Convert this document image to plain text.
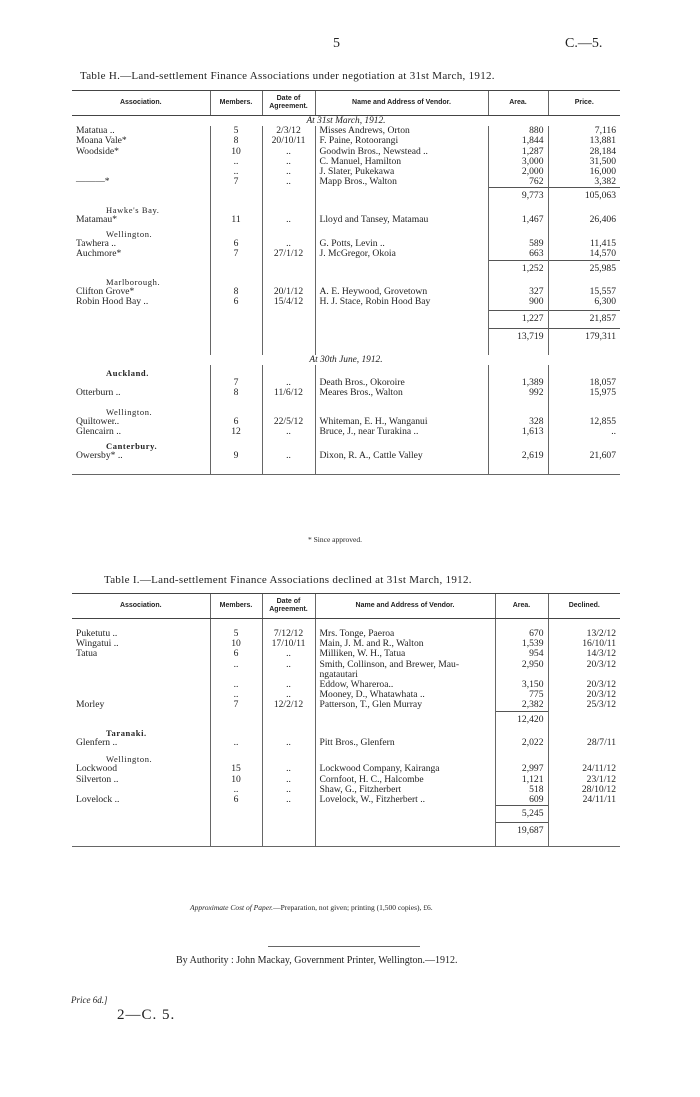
5	C.—5.
Table H.—Land-settlement Finance Associations under negotiation at 31st March, 1912.
Association.	Members.	Date of Agreement.	Name and Address of Vendor.	Area.	Price.
At 31st March, 1912.					
Matatua ..	5	2/3/12	Misses Andrews, Orton	880	7,116
Moana Vale*	8	20/10/11	F. Paine, Rotoorangi	1,844	13,881
Woodside*	10	..	Goodwin Bros., Newstead ..	1,287	28,184
	..	..	C. Manuel, Hamilton	3,000	31,500
	..	..	J. Slater, Pukekawa	2,000	16,000
———*	7	..	Mapp Bros., Walton	762	3,382
				9,773	105,063
Hawke's Bay.					
Matamau*	11	..	Lloyd and Tansey, Matamau	1,467	26,406

Wellington.					
Tawhera ..	6	..	G. Potts, Levin ..	589	11,415
Auchmore*	7	27/1/12	J. McGregor, Okoia	663	14,570
				1,252	25,985
Marlborough.					
Clifton Grove*	8	20/1/12	A. E. Heywood, Grovetown	327	15,557
Robin Hood Bay ..	6	15/4/12	H. J. Stace, Robin Hood Bay	900	6,300

				1,227	21,857
				13,719	179,311

At 30th June, 1912.					

Auckland.					
	7	..	Death Bros., Okoroire	1,389	18,057
Otterburn ..	8	11/6/12	Meares Bros., Walton	992	15,975

Wellington.					
Quiltower..	6	22/5/12	Whiteman, E. H., Wanganui	328	12,855
Glencairn ..	12	..	Bruce, J., near Turakina ..	1,613	..

Canterbury.					
Owersby* ..	9	..	Dixon, R. A., Cattle Valley	2,619	21,607

* Since approved.
Table I.—Land-settlement Finance Associations declined at 31st March, 1912.
Association.	Members.	Date of Agreement.	Name and Address of Vendor.	Area.	Declined.

Puketutu ..	5	7/12/12	Mrs. Tonge, Paeroa	670	13/2/12
Wingatui ..	10	17/10/11	Main, J. M. and R., Walton	1,539	16/10/11
Tatua	6	..	Milliken, W. H., Tatua	954	14/3/12
	..	..	Smith, Collinson, and Brewer, Mau-	2,950	20/3/12
			ngatautari		
	..	..	Eddow, Whareroa..	3,150	20/3/12
	..	..	Mooney, D., Whatawhata ..	775	20/3/12
Morley	7	12/2/12	Patterson, T., Glen Murray	2,382	25/3/12
				12,420	
Taranaki.					
Glenfern ..	..	..	Pitt Bros., Glenfern	2,022	28/7/11

Wellington.					
Lockwood	15	..	Lockwood Company, Kairanga	2,997	24/11/12
Silverton ..	10	..	Cornfoot, H. C., Halcombe	1,121	23/1/12
	..	..	Shaw, G., Fitzherbert	518	28/10/12
Lovelock ..	6	..	Lovelock, W., Fitzherbert ..	609	24/11/11
				5,245	
				19,687	

Approximate Cost of Paper.—Preparation, not given; printing (1,500 copies), £6.
By Authority : John Mackay, Government Printer, Wellington.—1912.
Price 6d.]
2—C. 5.
